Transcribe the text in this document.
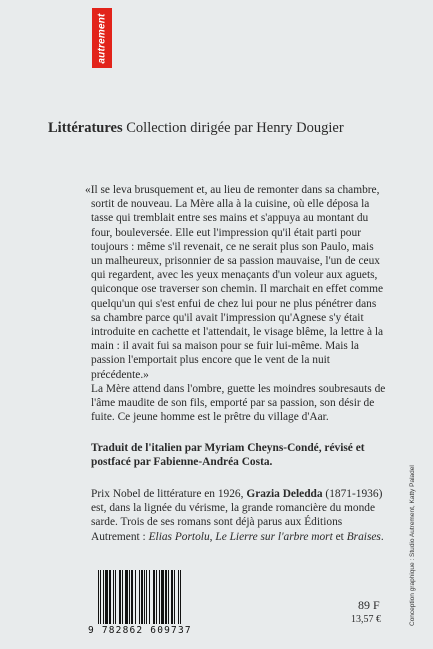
autrement
Littératures Collection dirigée par Henry Dougier

«Il se leva brusquement et, au lieu de remonter dans sa chambre, sortit de nouveau. La Mère alla à la cuisine, où elle déposa la tasse qui tremblait entre ses mains et s'appuya au montant du four, bouleversée. Elle eut l'impression qu'il était parti pour toujours : même s'il revenait, ce ne serait plus son Paulo, mais un malheureux, prisonnier de sa passion mauvaise, l'un de ceux qui regardent, avec les yeux menaçants d'un voleur aux aguets, quiconque ose traverser son chemin. Il marchait en effet comme quelqu'un qui s'est enfui de chez lui pour ne plus pénétrer dans sa chambre parce qu'il avait l'impression qu'Agnese s'y était introduite en cachette et l'attendait, le visage blême, la lettre à la main : il avait fui sa maison pour se fuir lui-même. Mais la passion l'emportait plus encore que le vent de la nuit précédente.»

La Mère attend dans l'ombre, guette les moindres soubresauts de l'âme maudite de son fils, emporté par sa passion, son désir de fuite. Ce jeune homme est le prêtre du village d'Aar.

Traduit de l'italien par Myriam Cheyns-Condé, révisé et postfacé par Fabienne-Andréa Costa.

Prix Nobel de littérature en 1926, Grazia Deledda (1871-1936) est, dans la lignée du vérisme, la grande romancière du monde sarde. Trois de ses romans sont déjà parus aux Éditions Autrement : Elias Portolu, Le Lierre sur l'arbre mort et Braises.	Conception graphique : Studio Autrement, Katty Paladel
9 782862 609737
89 F
13,57 €
